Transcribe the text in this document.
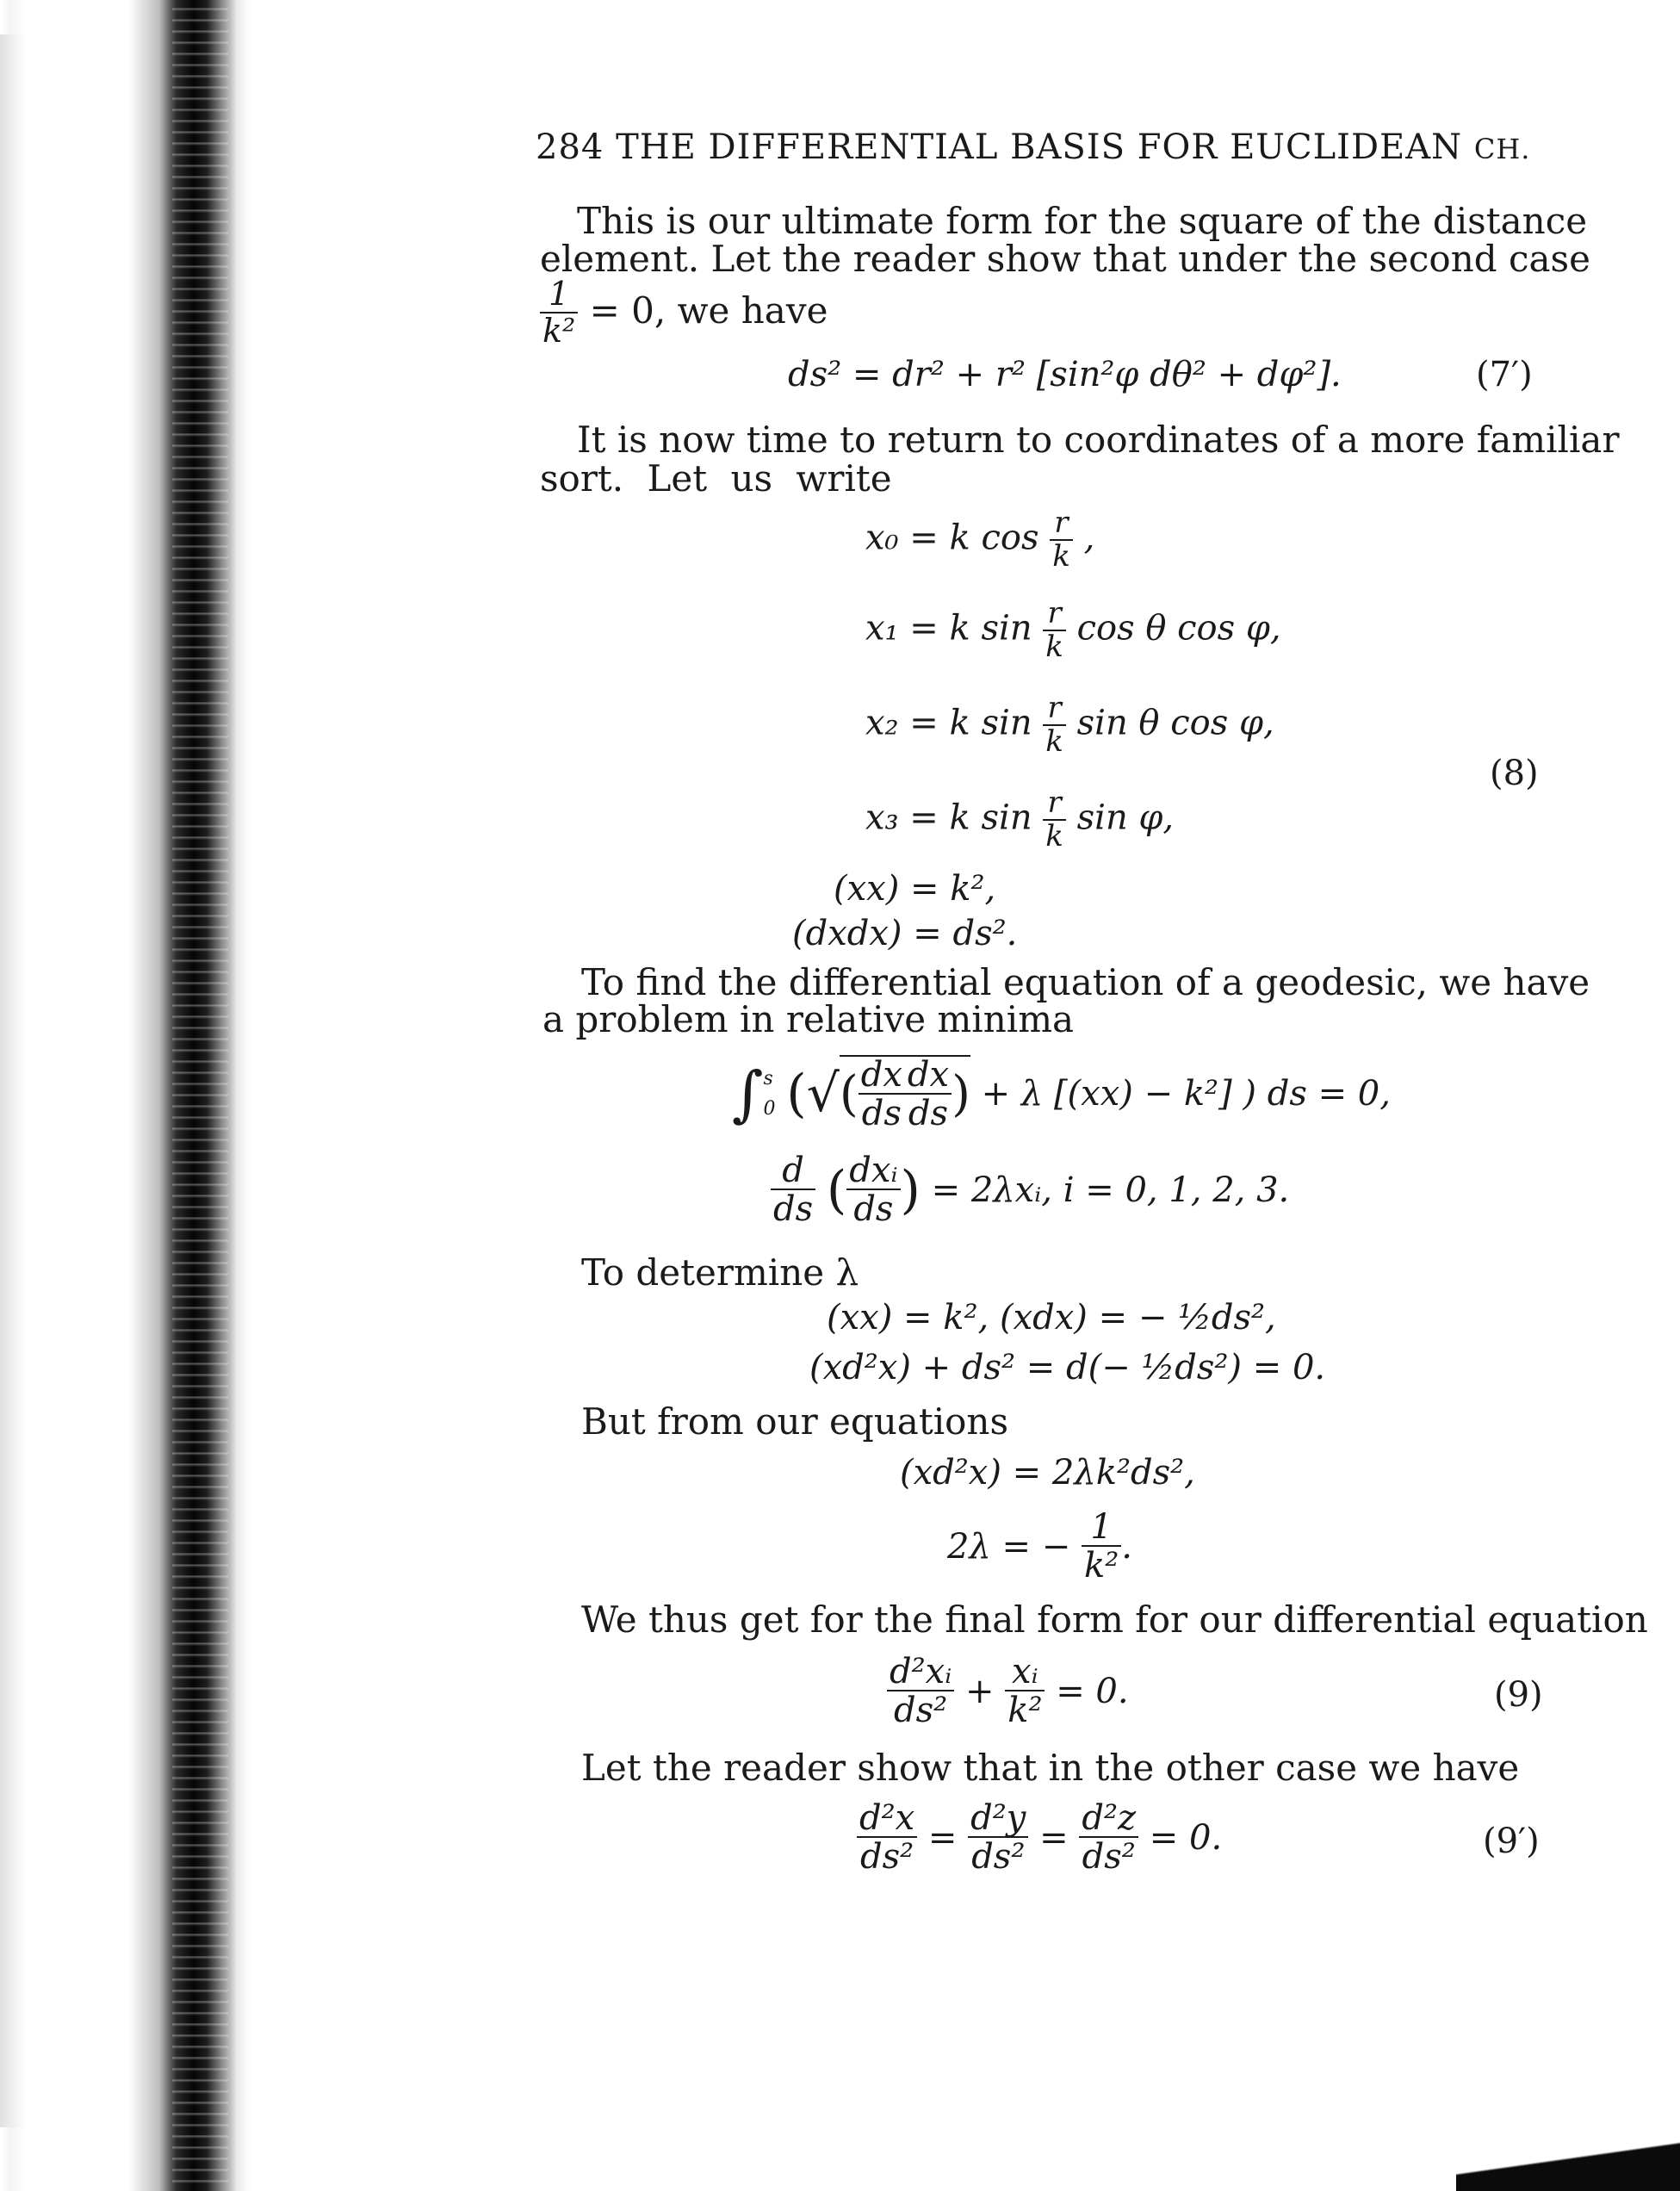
284 THE DIFFERENTIAL BASIS FOR EUCLIDEAN CH.
This is our ultimate form for the square of the distance
element. Let the reader show that under the second case
$\frac{1}{\text{k²}} = 0$, we have
ds² = dr² + r² [sin²φ dθ² + dφ²].	(7′)
It is now time to return to coordinates of a more familiar
sort. Let us write
x₀ = k $\cos \frac{r}{k}$ ,
x₁ = k $\sin \frac{r}{k}$ cos θ cos φ,
x₂ = k $\sin \frac{r}{k}$ sin θ cos φ,
x₃ = k $\sin \frac{r}{k}$ sin φ,
(8)
(xx) = k²,
(dxdx) = ds².
To find the differential equation of a geodesic, we have
a problem in relative minima
∫ s
0 (√( $\frac{dx}{ds} \frac{dx}{ds}$ ) + λ [(xx) − k²] ) ds = 0,
$\frac{d}{ds}$ ( $\frac{\text{dxᵢ}}{ds}$ ) = 2λxᵢ, i = 0, 1, 2, 3.
To determine λ
(xx) = k², (xdx) = − ½ds²,
(xd²x) + ds² = d(− ½ds²) = 0.
But from our equations
(xd²x) = 2λk²ds²,
2λ = − $\frac{1}{\text{k²}}$ .
We thus get for the final form for our differential equation
$\frac{\text{d²xᵢ}}{\text{ds²}} + \frac{\text{xᵢ}}{\text{k²}} = 0$.	(9)
Let the reader show that in the other case we have
$\frac{\text{d²x}}{\text{ds²}} = \frac{\text{d²y}}{\text{ds²}} = \frac{\text{d²z}}{\text{ds²}} = 0$.	(9′)
